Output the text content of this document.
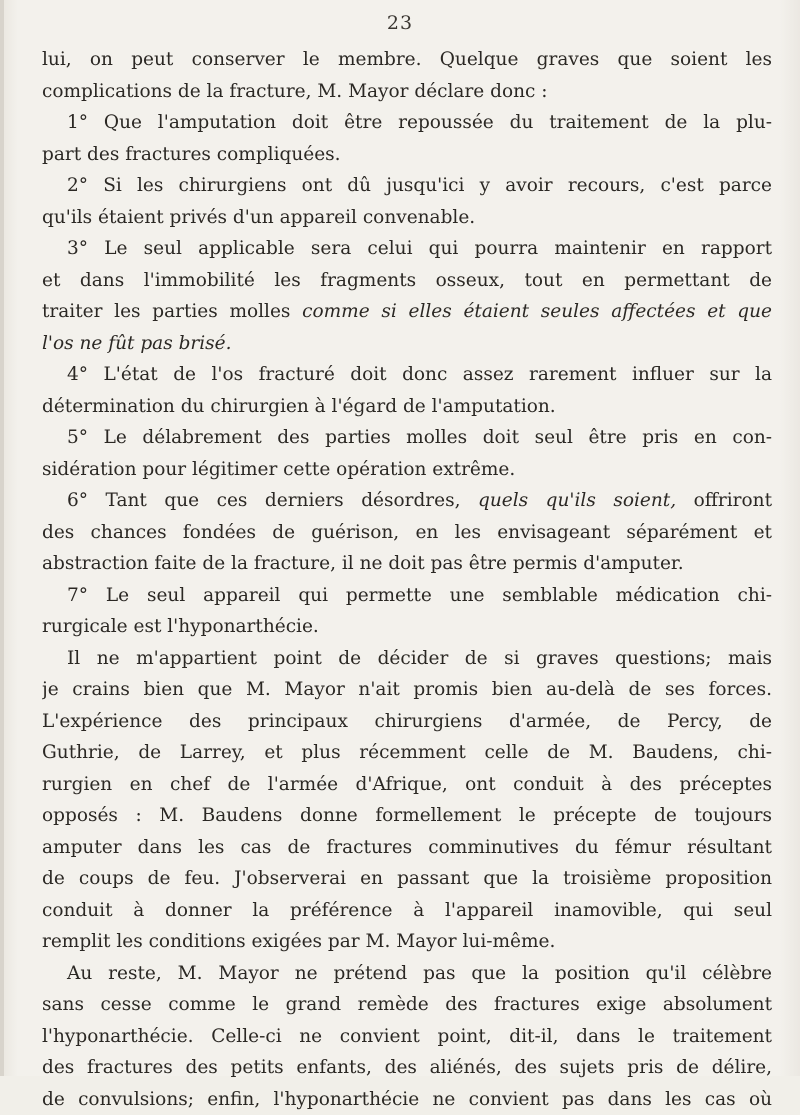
23
lui, on peut conserver le membre. Quelque graves que soient les
complications de la fracture, M. Mayor déclare donc :
1° Que l'amputation doit être repoussée du traitement de la plu-
part des fractures compliquées.
2° Si les chirurgiens ont dû jusqu'ici y avoir recours, c'est parce
qu'ils étaient privés d'un appareil convenable.
3° Le seul applicable sera celui qui pourra maintenir en rapport
et dans l'immobilité les fragments osseux, tout en permettant de
traiter les parties molles comme si elles étaient seules affectées et que
l'os ne fût pas brisé.
4° L'état de l'os fracturé doit donc assez rarement influer sur la
détermination du chirurgien à l'égard de l'amputation.
5° Le délabrement des parties molles doit seul être pris en con-
sidération pour légitimer cette opération extrême.
6° Tant que ces derniers désordres, quels qu'ils soient, offriront
des chances fondées de guérison, en les envisageant séparément et
abstraction faite de la fracture, il ne doit pas être permis d'amputer.
7° Le seul appareil qui permette une semblable médication chi-
rurgicale est l'hyponarthécie.
Il ne m'appartient point de décider de si graves questions; mais
je crains bien que M. Mayor n'ait promis bien au-delà de ses forces.
L'expérience des principaux chirurgiens d'armée, de Percy, de
Guthrie, de Larrey, et plus récemment celle de M. Baudens, chi-
rurgien en chef de l'armée d'Afrique, ont conduit à des préceptes
opposés : M. Baudens donne formellement le précepte de toujours
amputer dans les cas de fractures comminutives du fémur résultant
de coups de feu. J'observerai en passant que la troisième proposition
conduit à donner la préférence à l'appareil inamovible, qui seul
remplit les conditions exigées par M. Mayor lui-même.
Au reste, M. Mayor ne prétend pas que la position qu'il célèbre
sans cesse comme le grand remède des fractures exige absolument
l'hyponarthécie. Celle-ci ne convient point, dit-il, dans le traitement
des fractures des petits enfants, des aliénés, des sujets pris de délire,
de convulsions; enfin, l'hyponarthécie ne convient pas dans les cas où
